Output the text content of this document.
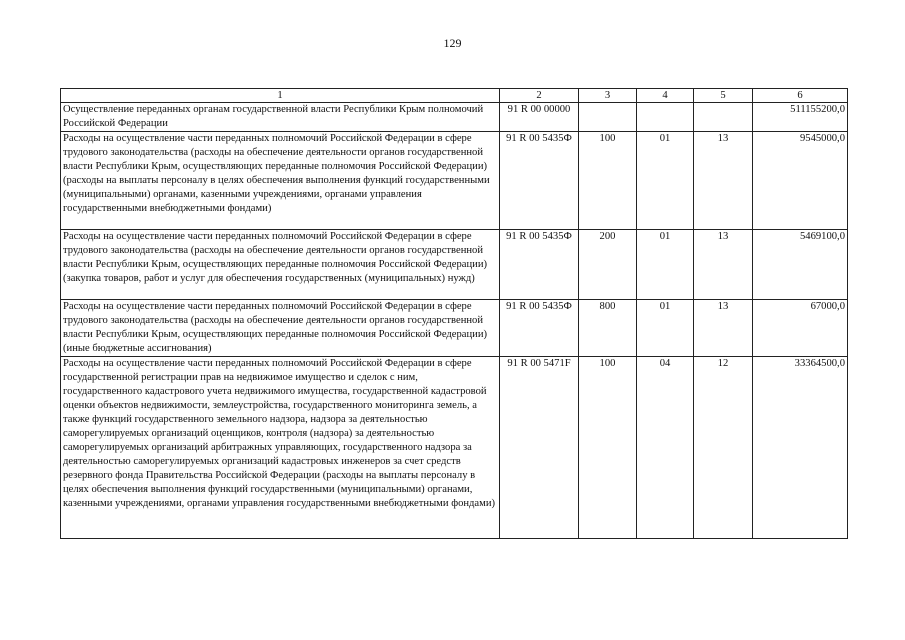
129
1	2	3	4	5	6
Осуществление переданных органам государственной власти Республики Крым полномочий Российской Федерации	91 R 00 00000				511155200,0
Расходы на осуществление части переданных полномочий Российской Федерации в сфере трудового законодательства (расходы на обеспечение деятельности органов государственной власти Республики Крым, осуществляющих переданные полномочия Российской Федерации) (расходы на выплаты персоналу в целях обеспечения выполнения функций государственными (муниципальными) органами, казенными учреждениями, органами управления государственными внебюджетными фондами)	91 R 00 5435Ф	100	01	13	9545000,0
Расходы на осуществление части переданных полномочий Российской Федерации в сфере трудового законодательства (расходы на обеспечение деятельности органов государственной власти Республики Крым, осуществляющих переданные полномочия Российской Федерации) (закупка товаров, работ и услуг для обеспечения государственных (муниципальных) нужд)	91 R 00 5435Ф	200	01	13	5469100,0
Расходы на осуществление части переданных полномочий Российской Федерации в сфере трудового законодательства (расходы на обеспечение деятельности органов государственной власти Республики Крым, осуществляющих переданные полномочия Российской Федерации) (иные бюджетные ассигнования)	91 R 00 5435Ф	800	01	13	67000,0
Расходы на осуществление части переданных полномочий Российской Федерации в сфере государственной регистрации прав на недвижимое имущество и сделок с ним, государственного кадастрового учета недвижимого имущества, государственной кадастровой оценки объектов недвижимости, землеустройства, государственного мониторинга земель, а также функций государственного земельного надзора, надзора за деятельностью саморегулируемых организаций оценщиков, контроля (надзора) за деятельностью саморегулируемых организаций арбитражных управляющих, государственного надзора за деятельностью саморегулируемых организаций кадастровых инженеров за счет средств резервного фонда Правительства Российской Федерации (расходы на выплаты персоналу в целях обеспечения выполнения функций государственными (муниципальными) органами, казенными учреждениями, органами управления государственными внебюджетными фондами)	91 R 00 5471F	100	04	12	33364500,0
